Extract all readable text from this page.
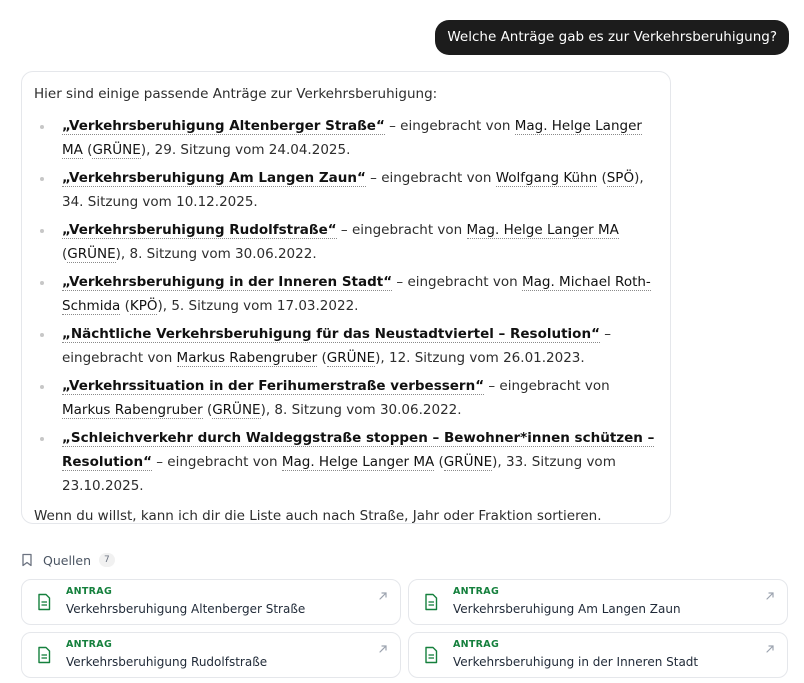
Welche Anträge gab es zur Verkehrsberuhigung?

Hier sind einige passende Anträge zur Verkehrsberuhigung:

„Verkehrsberuhigung Altenberger Straße“ – eingebracht von Mag. Helge Langer MA (GRÜNE), 29. Sitzung vom 24.04.2025.
„Verkehrsberuhigung Am Langen Zaun“ – eingebracht von Wolfgang Kühn (SPÖ), 34. Sitzung vom 10.12.2025.
„Verkehrsberuhigung Rudolfstraße“ – eingebracht von Mag. Helge Langer MA (GRÜNE), 8. Sitzung vom 30.06.2022.
„Verkehrsberuhigung in der Inneren Stadt“ – eingebracht von Mag. Michael Roth-Schmida (KPÖ), 5. Sitzung vom 17.03.2022.
„Nächtliche Verkehrsberuhigung für das Neustadtviertel – Resolution“ – eingebracht von Markus Rabengruber (GRÜNE), 12. Sitzung vom 26.01.2023.
„Verkehrssituation in der Ferihumerstraße verbessern“ – eingebracht von Markus Rabengruber (GRÜNE), 8. Sitzung vom 30.06.2022.
„Schleichverkehr durch Waldeggstraße stoppen – Bewohner*innen schützen – Resolution“ – eingebracht von Mag. Helge Langer MA (GRÜNE), 33. Sitzung vom 23.10.2025.

Wenn du willst, kann ich dir die Liste auch nach Straße, Jahr oder Fraktion sortieren.

Quellen	7
ANTRAG
Verkehrsberuhigung Altenberger Straße
ANTRAG
Verkehrsberuhigung Am Langen Zaun
ANTRAG
Verkehrsberuhigung Rudolfstraße
ANTRAG
Verkehrsberuhigung in der Inneren Stadt
